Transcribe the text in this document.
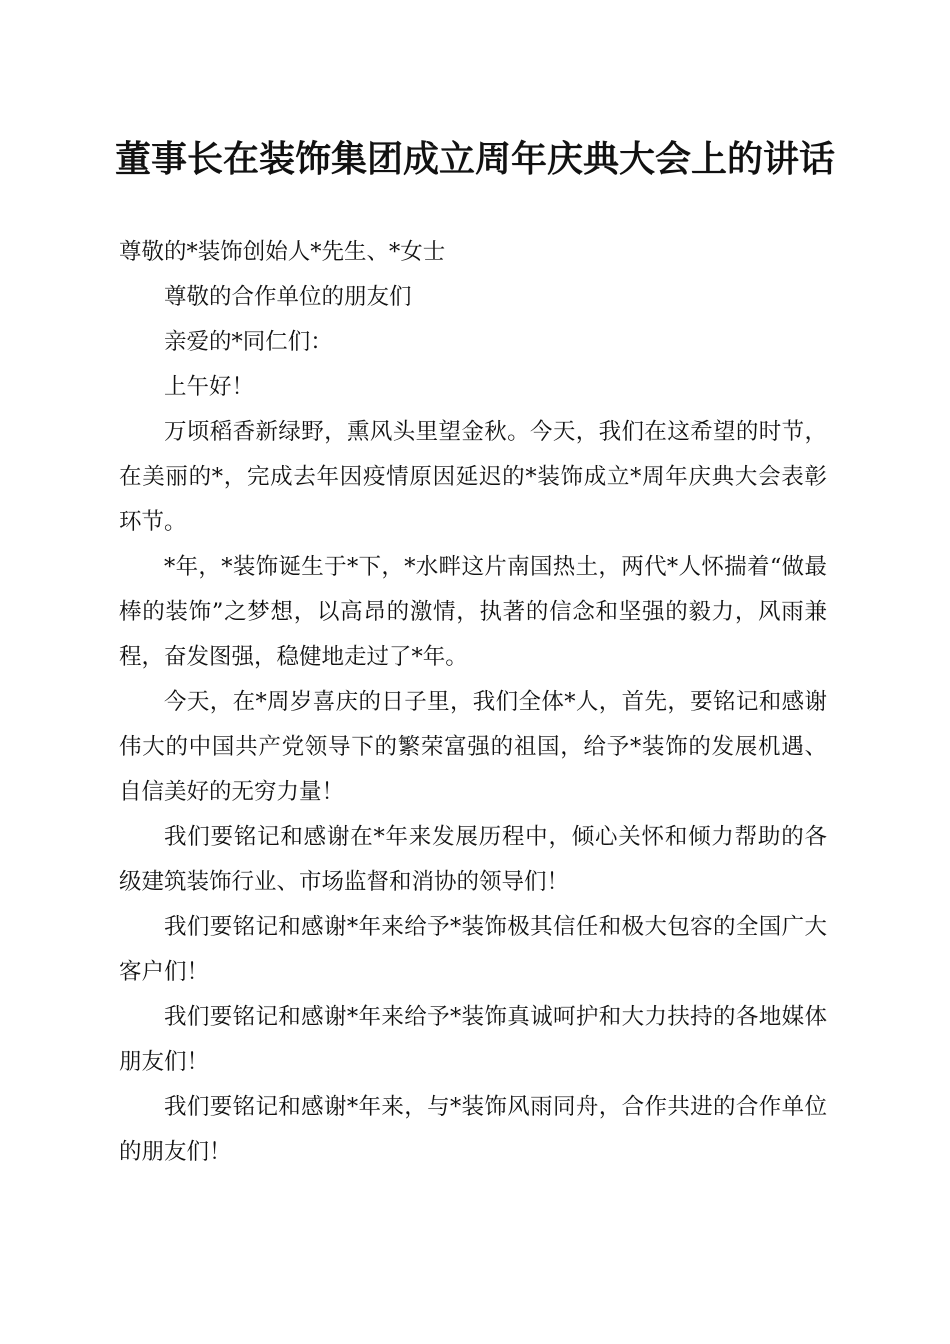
董事长在装饰集团成立周年庆典大会上的讲话

尊敬的*装饰创始人*先生、*女士

尊敬的合作单位的朋友们

亲爱的*同仁们：

上午好！

万顷稻香新绿野，熏风头里望金秋。今天，我们在这希望的时节，在美丽的*，完成去年因疫情原因延迟的*装饰成立*周年庆典大会表彰环节。

*年，*装饰诞生于*下，*水畔这片南国热土，两代*人怀揣着“做最棒的装饰”之梦想，以高昂的激情，执著的信念和坚强的毅力，风雨兼程，奋发图强，稳健地走过了*年。

今天，在*周岁喜庆的日子里，我们全体*人，首先，要铭记和感谢伟大的中国共产党领导下的繁荣富强的祖国，给予*装饰的发展机遇、自信美好的无穷力量！

我们要铭记和感谢在*年来发展历程中，倾心关怀和倾力帮助的各级建筑装饰行业、市场监督和消协的领导们！

我们要铭记和感谢*年来给予*装饰极其信任和极大包容的全国广大客户们！

我们要铭记和感谢*年来给予*装饰真诚呵护和大力扶持的各地媒体朋友们！

我们要铭记和感谢*年来，与*装饰风雨同舟，合作共进的合作单位的朋友们！
